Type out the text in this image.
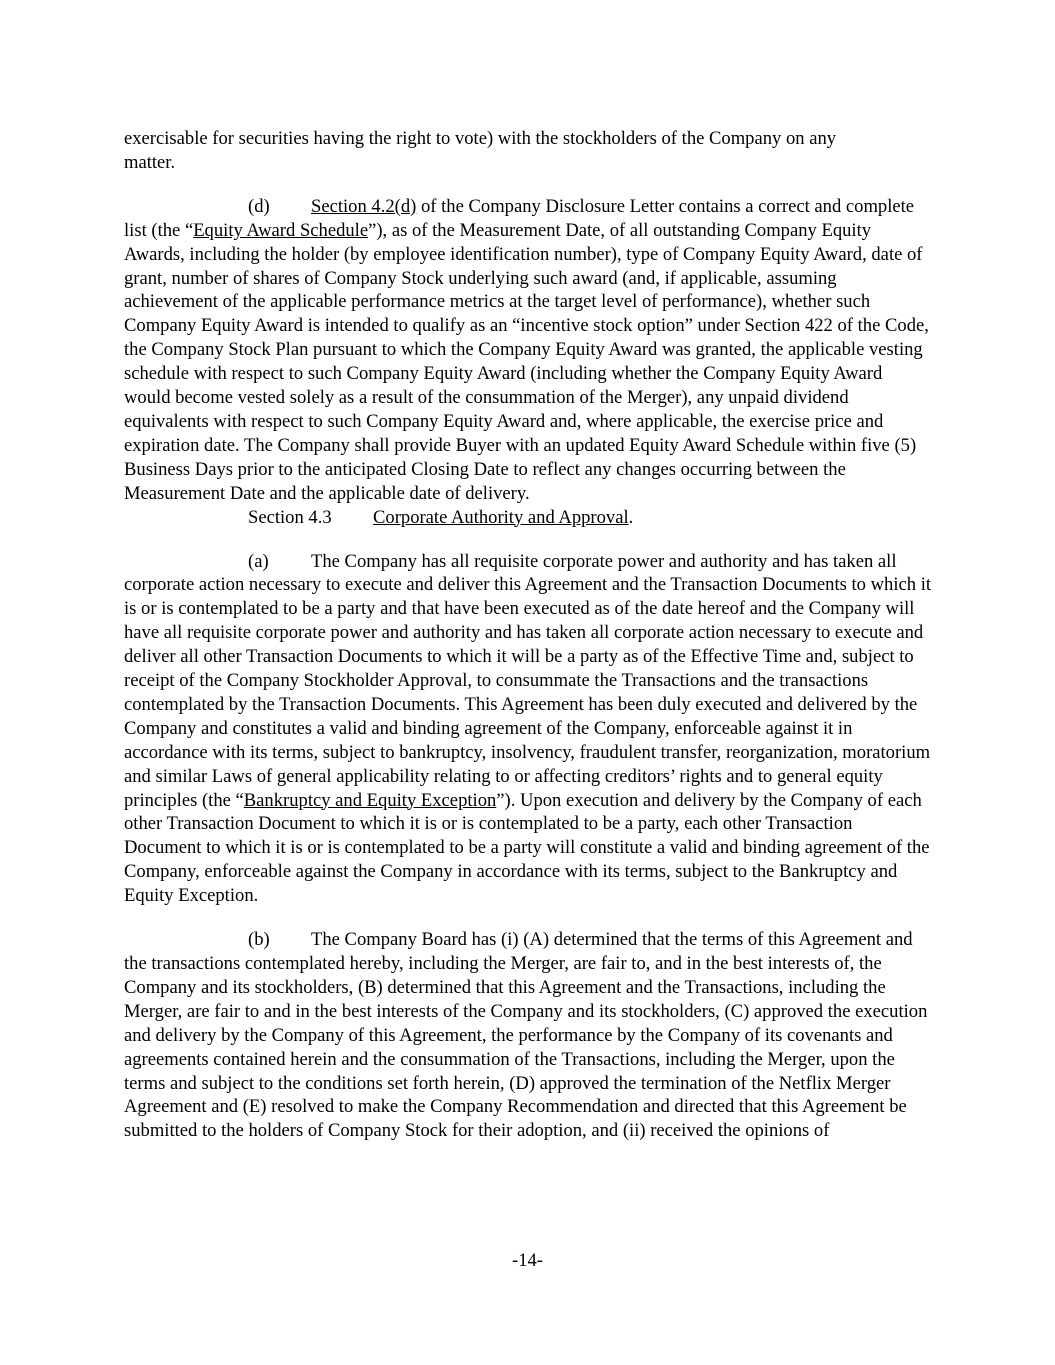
exercisable for securities having the right to vote) with the stockholders of the Company on any
matter.

(d) Section 4.2(d) of the Company Disclosure Letter contains a correct and complete list (the “Equity Award Schedule”), as of the Measurement Date, of all outstanding Company Equity Awards, including the holder (by employee identification number), type of Company Equity Award, date of grant, number of shares of Company Stock underlying such award (and, if applicable, assuming achievement of the applicable performance metrics at the target level of performance), whether such Company Equity Award is intended to qualify as an “incentive stock option” under Section 422 of the Code, the Company Stock Plan pursuant to which the Company Equity Award was granted, the applicable vesting schedule with respect to such Company Equity Award (including whether the Company Equity Award would become vested solely as a result of the consummation of the Merger), any unpaid dividend equivalents with respect to such Company Equity Award and, where applicable, the exercise price and expiration date. The Company shall provide Buyer with an updated Equity Award Schedule within five (5) Business Days prior to the anticipated Closing Date to reflect any changes occurring between the Measurement Date and the applicable date of delivery.

Section 4.3 Corporate Authority and Approval.

(a) The Company has all requisite corporate power and authority and has taken all corporate action necessary to execute and deliver this Agreement and the Transaction Documents to which it is or is contemplated to be a party and that have been executed as of the date hereof and the Company will have all requisite corporate power and authority and has taken all corporate action necessary to execute and deliver all other Transaction Documents to which it will be a party as of the Effective Time and, subject to receipt of the Company Stockholder Approval, to consummate the Transactions and the transactions contemplated by the Transaction Documents. This Agreement has been duly executed and delivered by the Company and constitutes a valid and binding agreement of the Company, enforceable against it in accordance with its terms, subject to bankruptcy, insolvency, fraudulent transfer, reorganization, moratorium and similar Laws of general applicability relating to or affecting creditors’ rights and to general equity principles (the “Bankruptcy and Equity Exception”). Upon execution and delivery by the Company of each other Transaction Document to which it is or is contemplated to be a party, each other Transaction Document to which it is or is contemplated to be a party will constitute a valid and binding agreement of the Company, enforceable against the Company in accordance with its terms, subject to the Bankruptcy and Equity Exception.

(b) The Company Board has (i) (A) determined that the terms of this Agreement and the transactions contemplated hereby, including the Merger, are fair to, and in the best interests of, the Company and its stockholders, (B) determined that this Agreement and the Transactions, including the Merger, are fair to and in the best interests of the Company and its stockholders, (C) approved the execution and delivery by the Company of this Agreement, the performance by the Company of its covenants and agreements contained herein and the consummation of the Transactions, including the Merger, upon the terms and subject to the conditions set forth herein, (D) approved the termination of the Netflix Merger Agreement and (E) resolved to make the Company Recommendation and directed that this Agreement be submitted to the holders of Company Stock for their adoption, and (ii) received the opinions of

-14-
